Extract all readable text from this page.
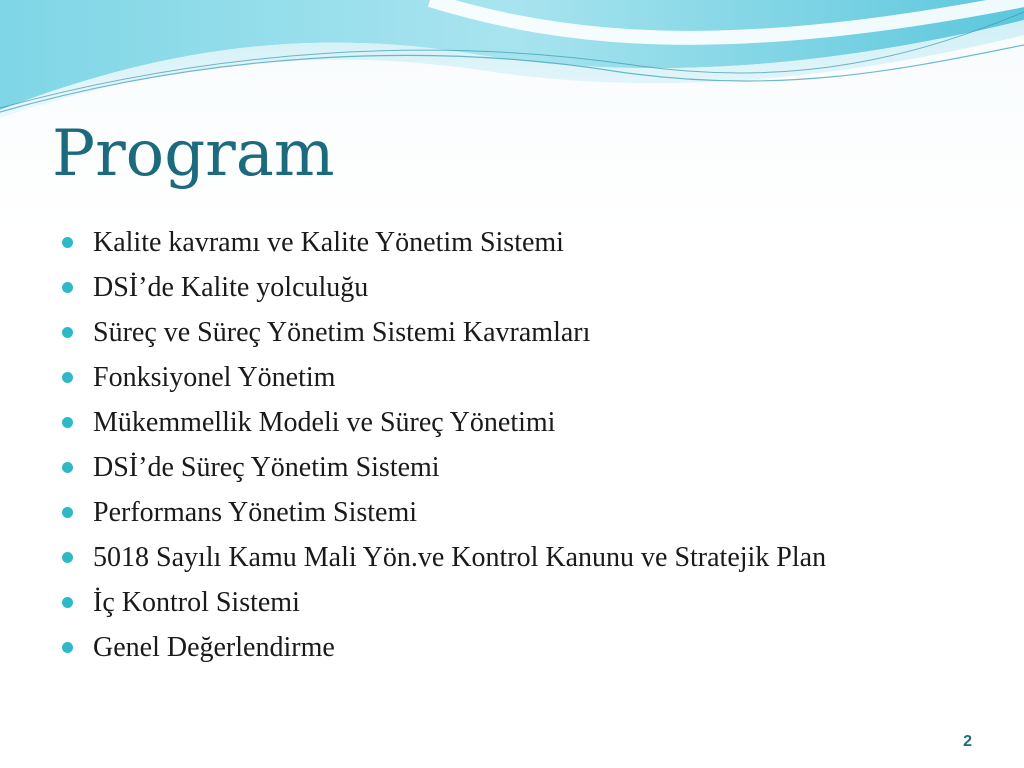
Program
Kalite kavramı ve Kalite Yönetim Sistemi
DSİ’de Kalite yolculuğu
Süreç ve Süreç Yönetim Sistemi Kavramları
Fonksiyonel Yönetim
Mükemmellik Modeli ve Süreç Yönetimi
DSİ’de Süreç Yönetim Sistemi
Performans Yönetim Sistemi
5018 Sayılı Kamu Mali Yön.ve Kontrol Kanunu ve Stratejik Plan
İç Kontrol Sistemi
Genel Değerlendirme
2
